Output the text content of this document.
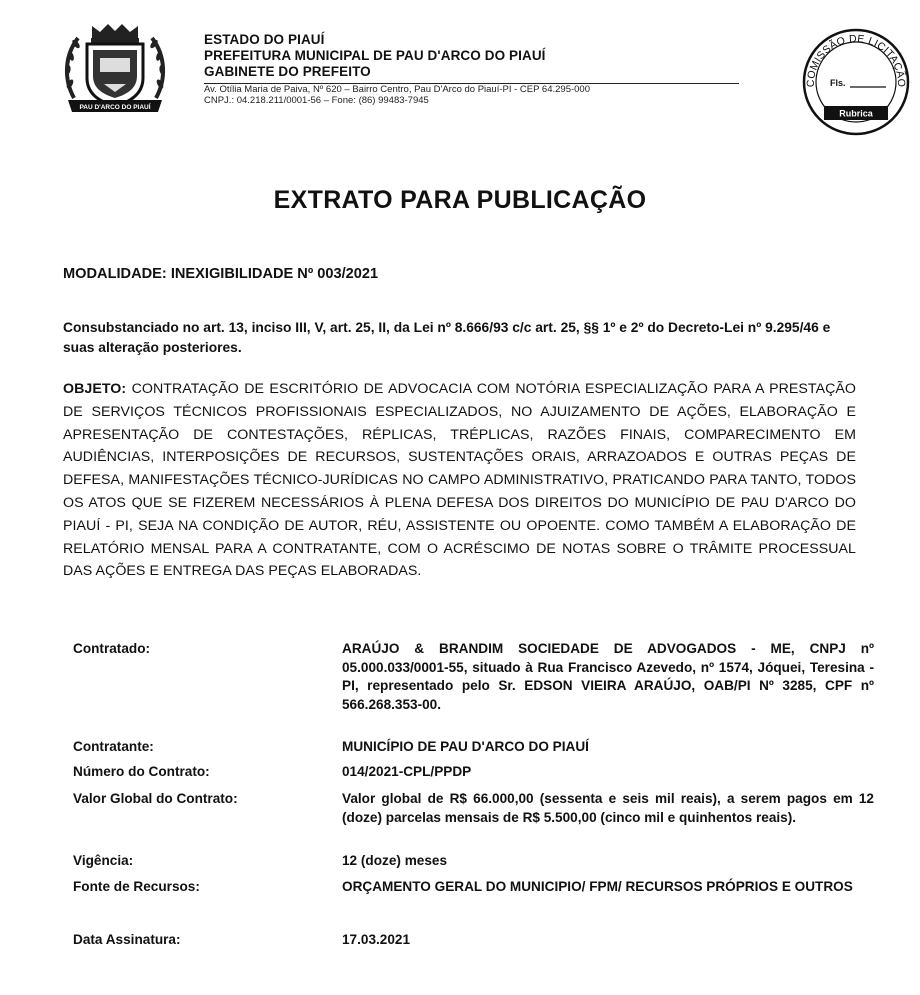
PAU D'ARCO DO PIAUÍ
ESTADO DO PIAUÍ
PREFEITURA MUNICIPAL DE PAU D'ARCO DO PIAUÍ
GABINETE DO PREFEITO
Av. Otília Maria de Paiva, Nº 620 – Bairro Centro, Pau D'Arco do Piauí-PI - CEP 64.295-000
CNPJ.: 04.218.211/0001-56 – Fone: (86) 99483-7945
COMISSÃO DE LICITAÇÃO
Fls.
Rubrica
EXTRATO PARA PUBLICAÇÃO
MODALIDADE: INEXIGIBILIDADE Nº 003/2021
Consubstanciado no art. 13, inciso III, V, art. 25, II, da Lei nº 8.666/93 c/c art. 25, §§ 1º e 2º do Decreto-Lei nº 9.295/46 e suas alteração posteriores.
OBJETO: CONTRATAÇÃO DE ESCRITÓRIO DE ADVOCACIA COM NOTÓRIA ESPECIALIZAÇÃO PARA A PRESTAÇÃO DE SERVIÇOS TÉCNICOS PROFISSIONAIS ESPECIALIZADOS, NO AJUIZAMENTO DE AÇÕES, ELABORAÇÃO E APRESENTAÇÃO DE CONTESTAÇÕES, RÉPLICAS, TRÉPLICAS, RAZÕES FINAIS, COMPARECIMENTO EM AUDIÊNCIAS, INTERPOSIÇÕES DE RECURSOS, SUSTENTAÇÕES ORAIS, ARRAZOADOS E OUTRAS PEÇAS DE DEFESA, MANIFESTAÇÕES TÉCNICO-JURÍDICAS NO CAMPO ADMINISTRATIVO, PRATICANDO PARA TANTO, TODOS OS ATOS QUE SE FIZEREM NECESSÁRIOS À PLENA DEFESA DOS DIREITOS DO MUNICÍPIO DE PAU D'ARCO DO PIAUÍ - PI, SEJA NA CONDIÇÃO DE AUTOR, RÉU, ASSISTENTE OU OPOENTE. COMO TAMBÉM A ELABORAÇÃO DE RELATÓRIO MENSAL PARA A CONTRATANTE, COM O ACRÉSCIMO DE NOTAS SOBRE O TRÂMITE PROCESSUAL DAS AÇÕES E ENTREGA DAS PEÇAS ELABORADAS.
Contratado:	ARAÚJO & BRANDIM SOCIEDADE DE ADVOGADOS - ME, CNPJ nº 05.000.033/0001-55, situado à Rua Francisco Azevedo, nº 1574, Jóquei, Teresina - PI, representado pelo Sr. EDSON VIEIRA ARAÚJO, OAB/PI Nº 3285, CPF nº 566.268.353-00.
Contratante:	MUNICÍPIO DE PAU D'ARCO DO PIAUÍ
Número do Contrato:	014/2021-CPL/PPDP
Valor Global do Contrato:	Valor global de R$ 66.000,00 (sessenta e seis mil reais), a serem pagos em 12 (doze) parcelas mensais de R$ 5.500,00 (cinco mil e quinhentos reais).
Vigência:	12 (doze) meses
Fonte de Recursos:	ORÇAMENTO GERAL DO MUNICIPIO/ FPM/ RECURSOS PRÓPRIOS E OUTROS
Data Assinatura:	17.03.2021
